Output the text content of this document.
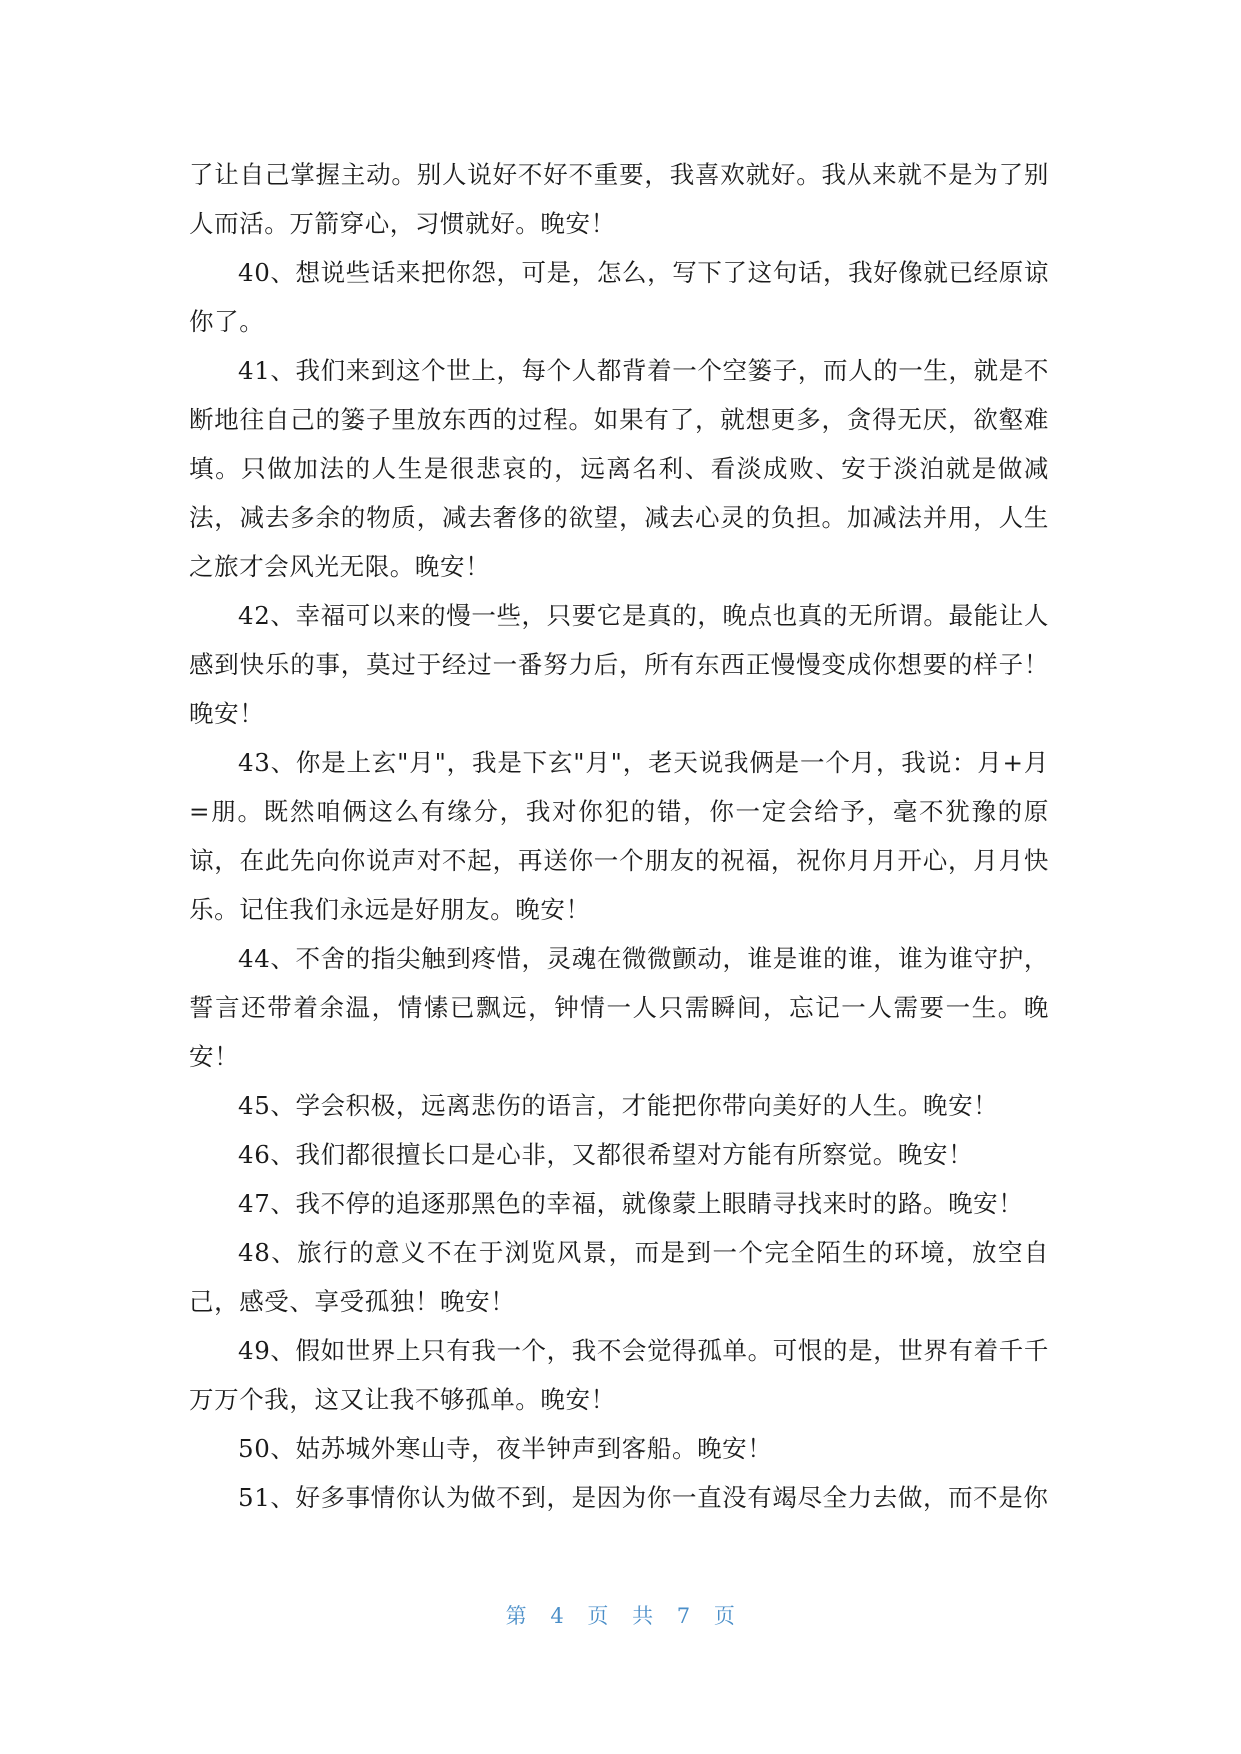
了让自己掌握主动。别人说好不好不重要，我喜欢就好。我从来就不是为了别人而活。万箭穿心，习惯就好。晚安！

40、想说些话来把你怨，可是，怎么，写下了这句话，我好像就已经原谅你了。

41、我们来到这个世上，每个人都背着一个空篓子，而人的一生，就是不断地往自己的篓子里放东西的过程。如果有了，就想更多，贪得无厌，欲壑难填。只做加法的人生是很悲哀的，远离名利、看淡成败、安于淡泊就是做减法，减去多余的物质，减去奢侈的欲望，减去心灵的负担。加减法并用，人生之旅才会风光无限。晚安！

42、幸福可以来的慢一些，只要它是真的，晚点也真的无所谓。最能让人感到快乐的事，莫过于经过一番努力后，所有东西正慢慢变成你想要的样子！晚安！

43、你是上玄"月"，我是下玄"月"，老天说我俩是一个月，我说：月+月=朋。既然咱俩这么有缘分，我对你犯的错，你一定会给予，毫不犹豫的原谅，在此先向你说声对不起，再送你一个朋友的祝福，祝你月月开心，月月快乐。记住我们永远是好朋友。晚安！

44、不舍的指尖触到疼惜，灵魂在微微颤动，谁是谁的谁，谁为谁守护，誓言还带着余温，情愫已飘远，钟情一人只需瞬间，忘记一人需要一生。晚安！

45、学会积极，远离悲伤的语言，才能把你带向美好的人生。晚安！

46、我们都很擅长口是心非，又都很希望对方能有所察觉。晚安！

47、我不停的追逐那黑色的幸福，就像蒙上眼睛寻找来时的路。晚安！

48、旅行的意义不在于浏览风景，而是到一个完全陌生的环境，放空自己，感受、享受孤独！晚安！

49、假如世界上只有我一个，我不会觉得孤单。可恨的是，世界有着千千万万个我，这又让我不够孤单。晚安！

50、姑苏城外寒山寺，夜半钟声到客船。晚安！

51、好多事情你认为做不到，是因为你一直没有竭尽全力去做，而不是你

第 4 页 共 7 页
